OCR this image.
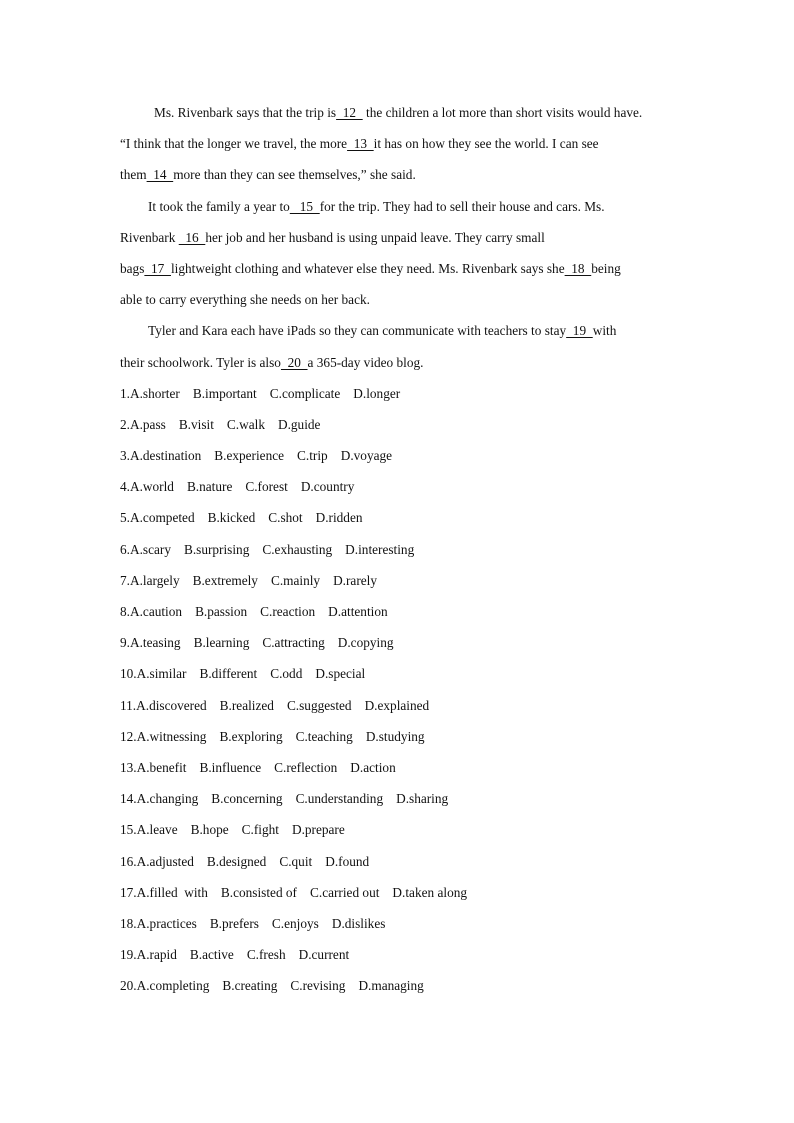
Ms. Rivenbark says that the trip is  12   the children a lot more than short visits would have.
“I think that the longer we travel, the more  13  it has on how they see the world. I can see
them  14  more than they can see themselves,” she said.
It took the family a year to   15  for the trip. They had to sell their house and cars. Ms.
Rivenbark   16  her job and her husband is using unpaid leave. They carry small
bags  17  lightweight clothing and whatever else they need. Ms. Rivenbark says she  18  being
able to carry everything she needs on her back.
Tyler and Kara each have iPads so they can communicate with teachers to stay  19  with
their schoolwork. Tyler is also  20  a 365-day video blog.
1.A.shorter B.important C.complicate D.longer
2.A.pass B.visit C.walk D.guide
3.A.destination B.experience C.trip D.voyage
4.A.world B.nature C.forest D.country
5.A.competed B.kicked C.shot D.ridden
6.A.scary B.surprising C.exhausting D.interesting
7.A.largely B.extremely C.mainly D.rarely
8.A.caution B.passion C.reaction D.attention
9.A.teasing B.learning C.attracting D.copying
10.A.similar B.different C.odd D.special
11.A.discovered B.realized C.suggested D.explained
12.A.witnessing B.exploring C.teaching D.studying
13.A.benefit B.influence C.reflection D.action
14.A.changing B.concerning C.understanding D.sharing
15.A.leave B.hope C.fight D.prepare
16.A.adjusted B.designed C.quit D.found
17.A.filled  with B.consisted of C.carried out D.taken along
18.A.practices B.prefers C.enjoys D.dislikes
19.A.rapid B.active C.fresh D.current
20.A.completing B.creating C.revising D.managing
